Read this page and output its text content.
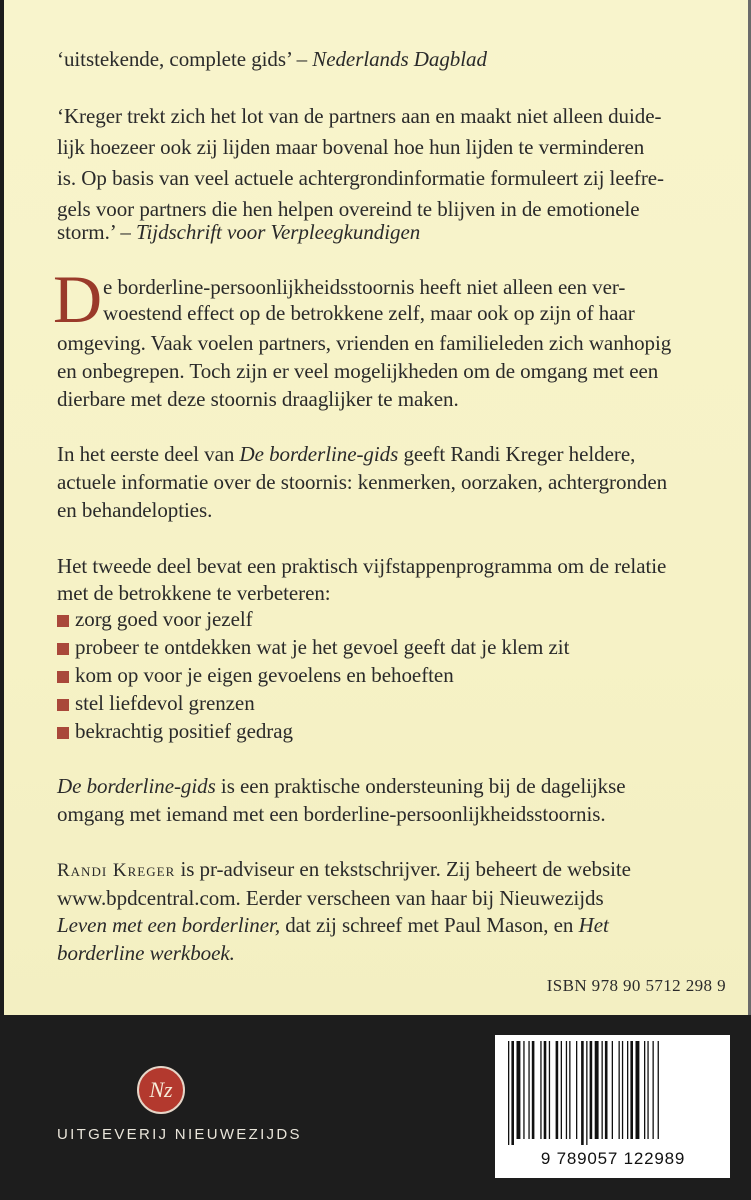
‘uitstekende, complete gids’ – Nederlands Dagblad
‘Kreger trekt zich het lot van de partners aan en maakt niet alleen duide-
lijk hoezeer ook zij lijden maar bovenal hoe hun lijden te verminderen
is. Op basis van veel actuele achtergrondinformatie formuleert zij leefre-
gels voor partners die hen helpen overeind te blijven in de emotionele
storm.’ – Tijdschrift voor Verpleegkundigen
D e borderline-persoonlijkheidsstoornis heeft niet alleen een ver-
woestend effect op de betrokkene zelf, maar ook op zijn of haar
omgeving. Vaak voelen partners, vrienden en familieleden zich wanhopig
en onbegrepen. Toch zijn er veel mogelijkheden om de omgang met een
dierbare met deze stoornis draaglijker te maken.
In het eerste deel van De borderline-gids geeft Randi Kreger heldere,
actuele informatie over de stoornis: kenmerken, oorzaken, achtergronden
en behandelopties.
Het tweede deel bevat een praktisch vijfstappenprogramma om de relatie
met de betrokkene te verbeteren:
zorg goed voor jezelf
probeer te ontdekken wat je het gevoel geeft dat je klem zit
kom op voor je eigen gevoelens en behoeften
stel liefdevol grenzen
bekrachtig positief gedrag
De borderline-gids is een praktische ondersteuning bij de dagelijkse
omgang met iemand met een borderline-persoonlijkheidsstoornis.
Randi Kreger is pr-adviseur en tekstschrijver. Zij beheert de website
www.bpdcentral.com. Eerder verscheen van haar bij Nieuwezijds
Leven met een borderliner, dat zij schreef met Paul Mason, en Het
borderline werkboek.
ISBN 978 90 5712 298 9
Nz
UITGEVERIJ NIEUWEZIJDS
9 789057 122989
